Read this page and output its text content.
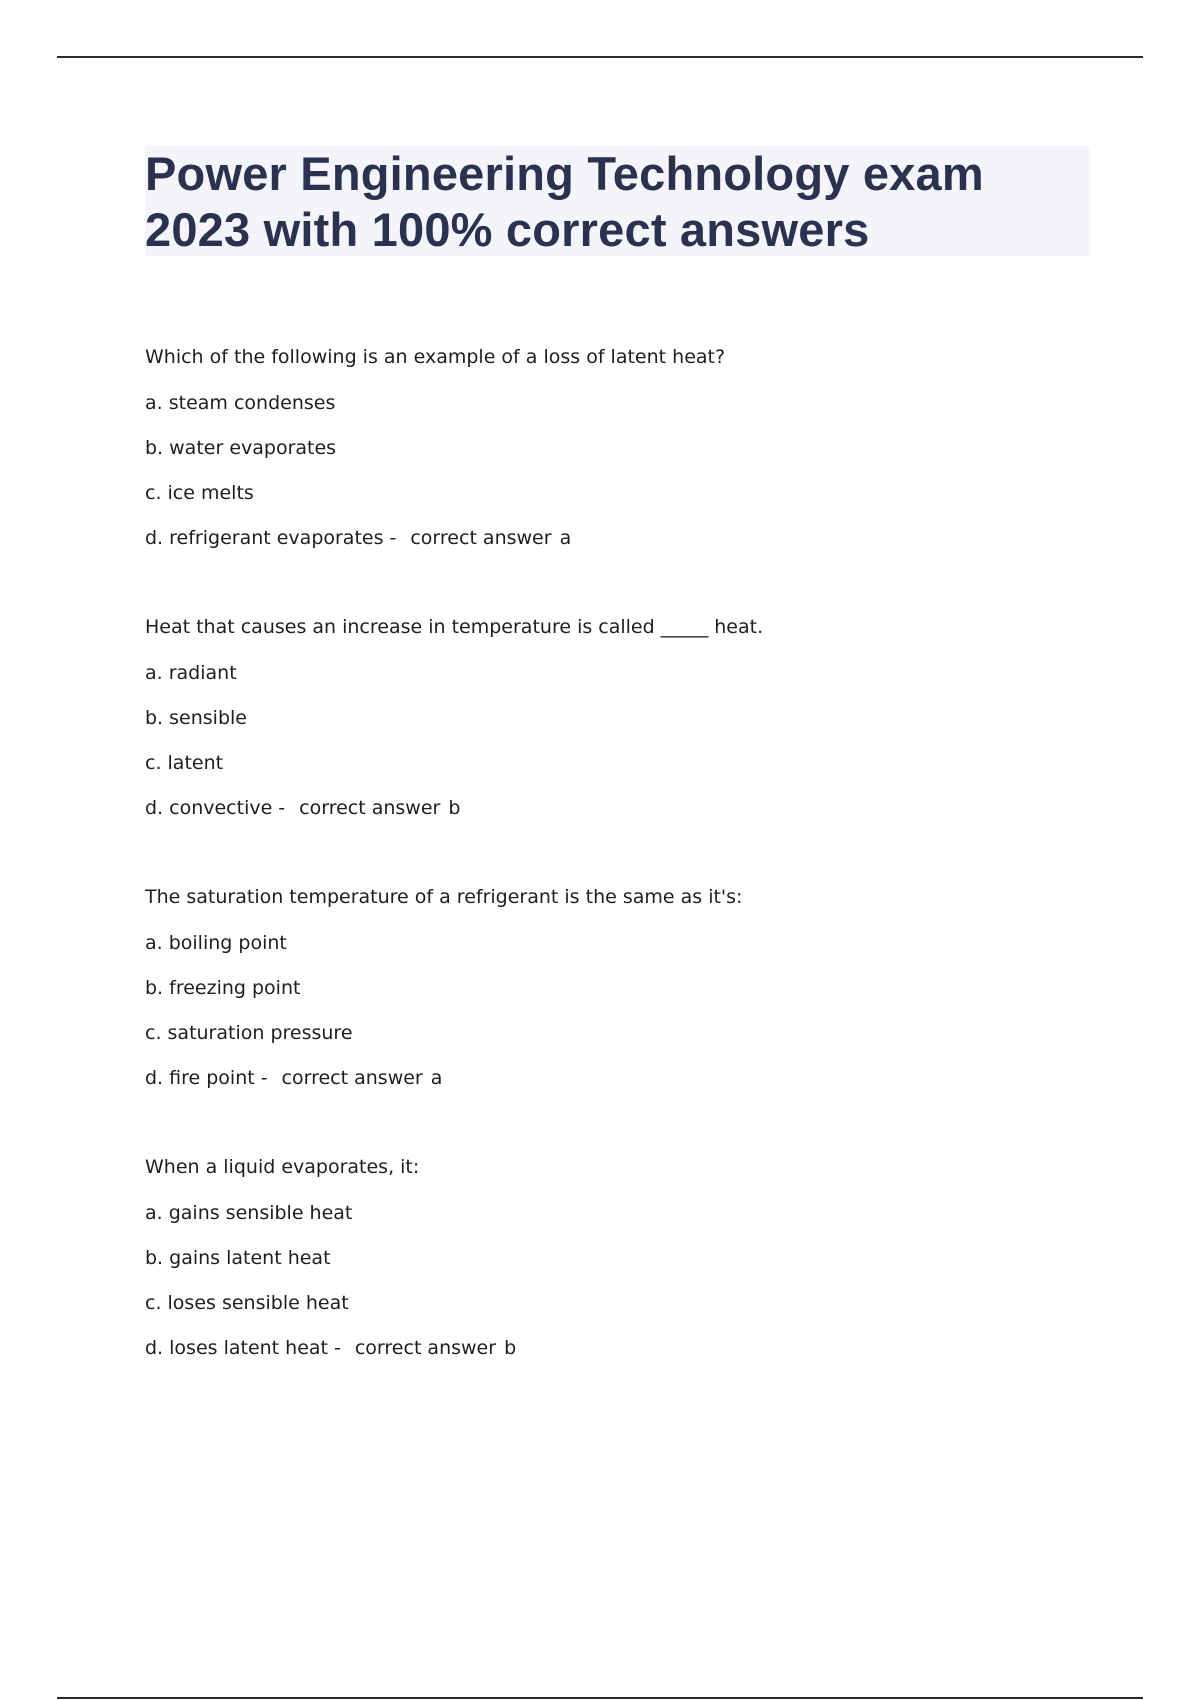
Power Engineering Technology exam
2023 with 100% correct answers
Which of the following is an example of a loss of latent heat?
a. steam condenses
b. water evaporates
c. ice melts
d. refrigerant evaporates - correct answer a
Heat that causes an increase in temperature is called _____ heat.
a. radiant
b. sensible
c. latent
d. convective - correct answer b
The saturation temperature of a refrigerant is the same as it's:
a. boiling point
b. freezing point
c. saturation pressure
d. fire point - correct answer a
When a liquid evaporates, it:
a. gains sensible heat
b. gains latent heat
c. loses sensible heat
d. loses latent heat - correct answer b
